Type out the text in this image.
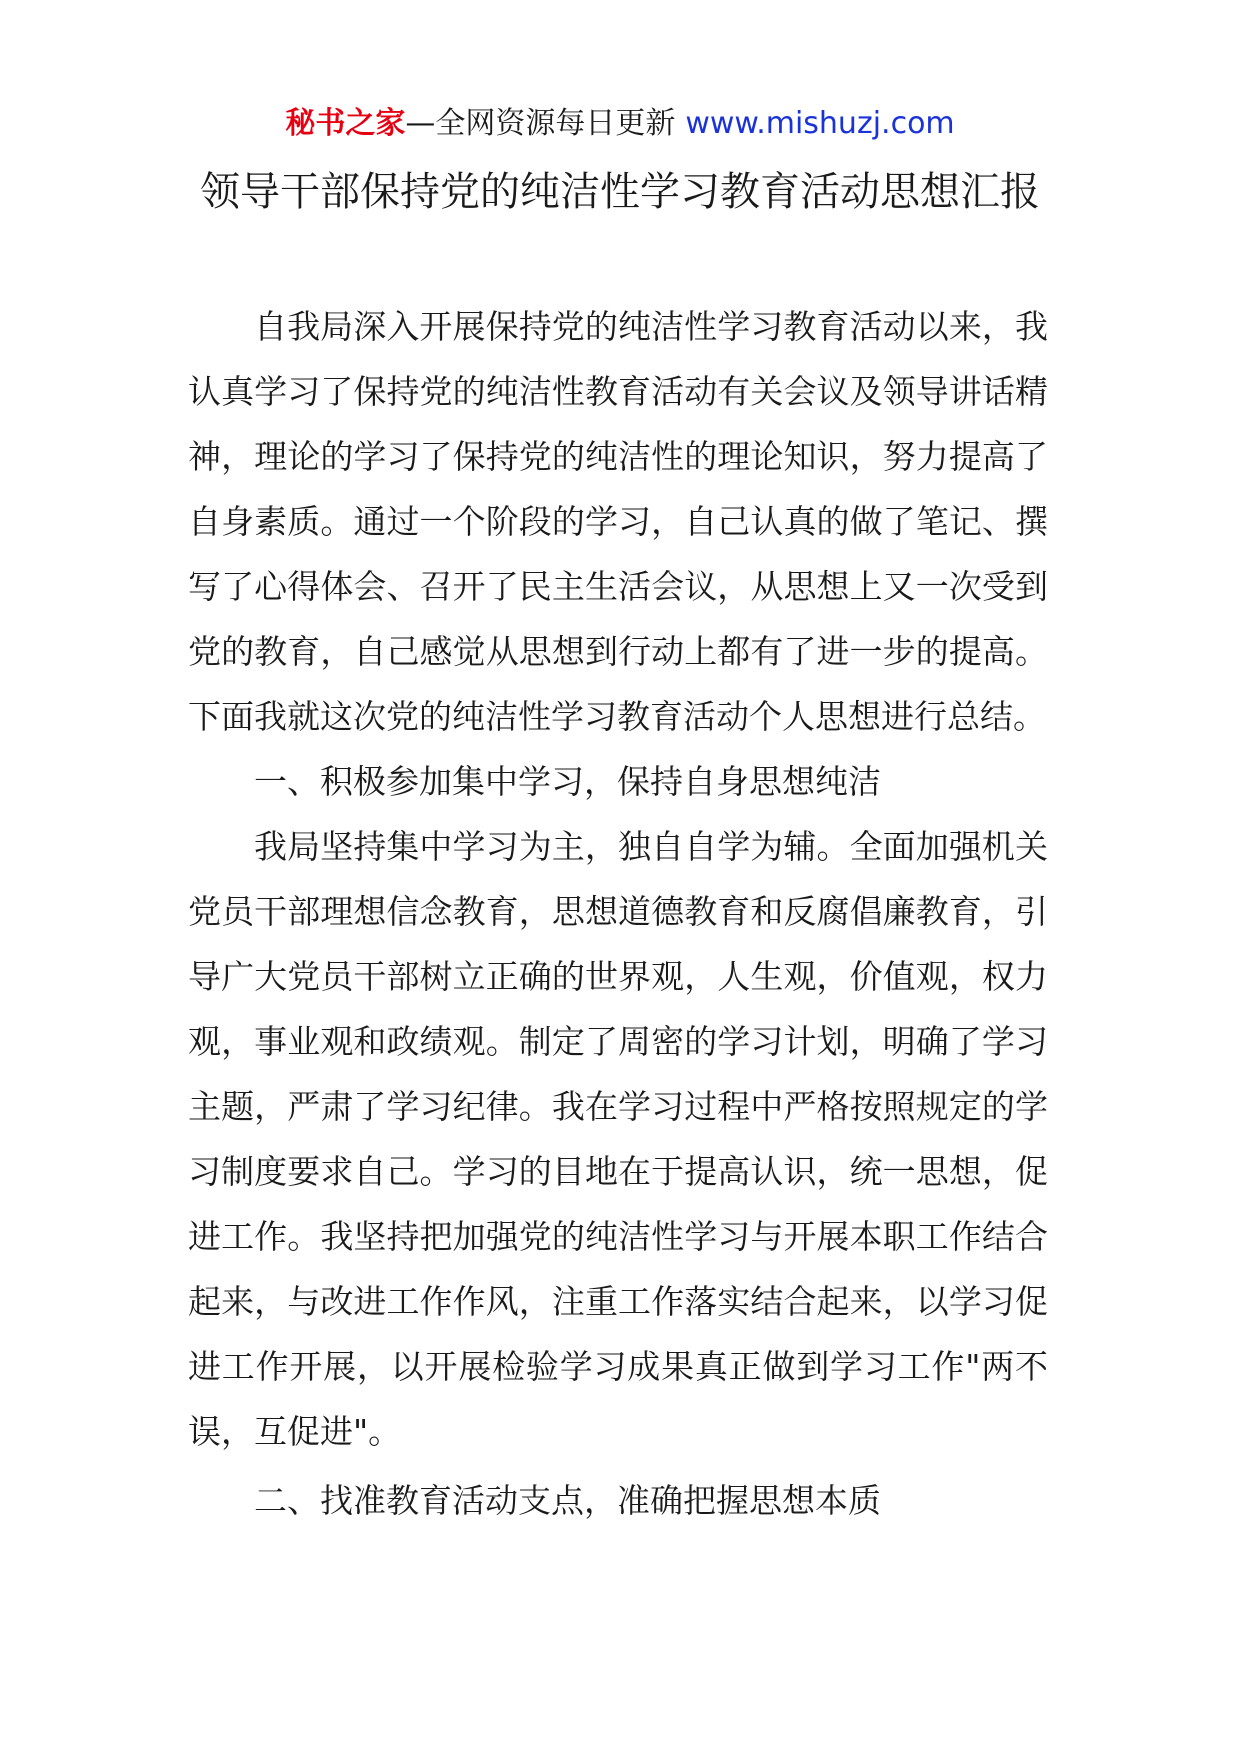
秘书之家—全网资源每日更新 www.mishuzj.com
领导干部保持党的纯洁性学习教育活动思想汇报

自我局深入开展保持党的纯洁性学习教育活动以来，我认真学习了保持党的纯洁性教育活动有关会议及领导讲话精神，理论的学习了保持党的纯洁性的理论知识，努力提高了自身素质。通过一个阶段的学习，自己认真的做了笔记、撰写了心得体会、召开了民主生活会议，从思想上又一次受到党的教育，自己感觉从思想到行动上都有了进一步的提高。下面我就这次党的纯洁性学习教育活动个人思想进行总结。

一、积极参加集中学习，保持自身思想纯洁

我局坚持集中学习为主，独自自学为辅。全面加强机关党员干部理想信念教育，思想道德教育和反腐倡廉教育，引导广大党员干部树立正确的世界观，人生观，价值观，权力观，事业观和政绩观。制定了周密的学习计划，明确了学习主题，严肃了学习纪律。我在学习过程中严格按照规定的学习制度要求自己。学习的目地在于提高认识，统一思想，促进工作。我坚持把加强党的纯洁性学习与开展本职工作结合起来，与改进工作作风，注重工作落实结合起来，以学习促进工作开展，以开展检验学习成果真正做到学习工作"两不误，互促进"。

二、找准教育活动支点，准确把握思想本质
